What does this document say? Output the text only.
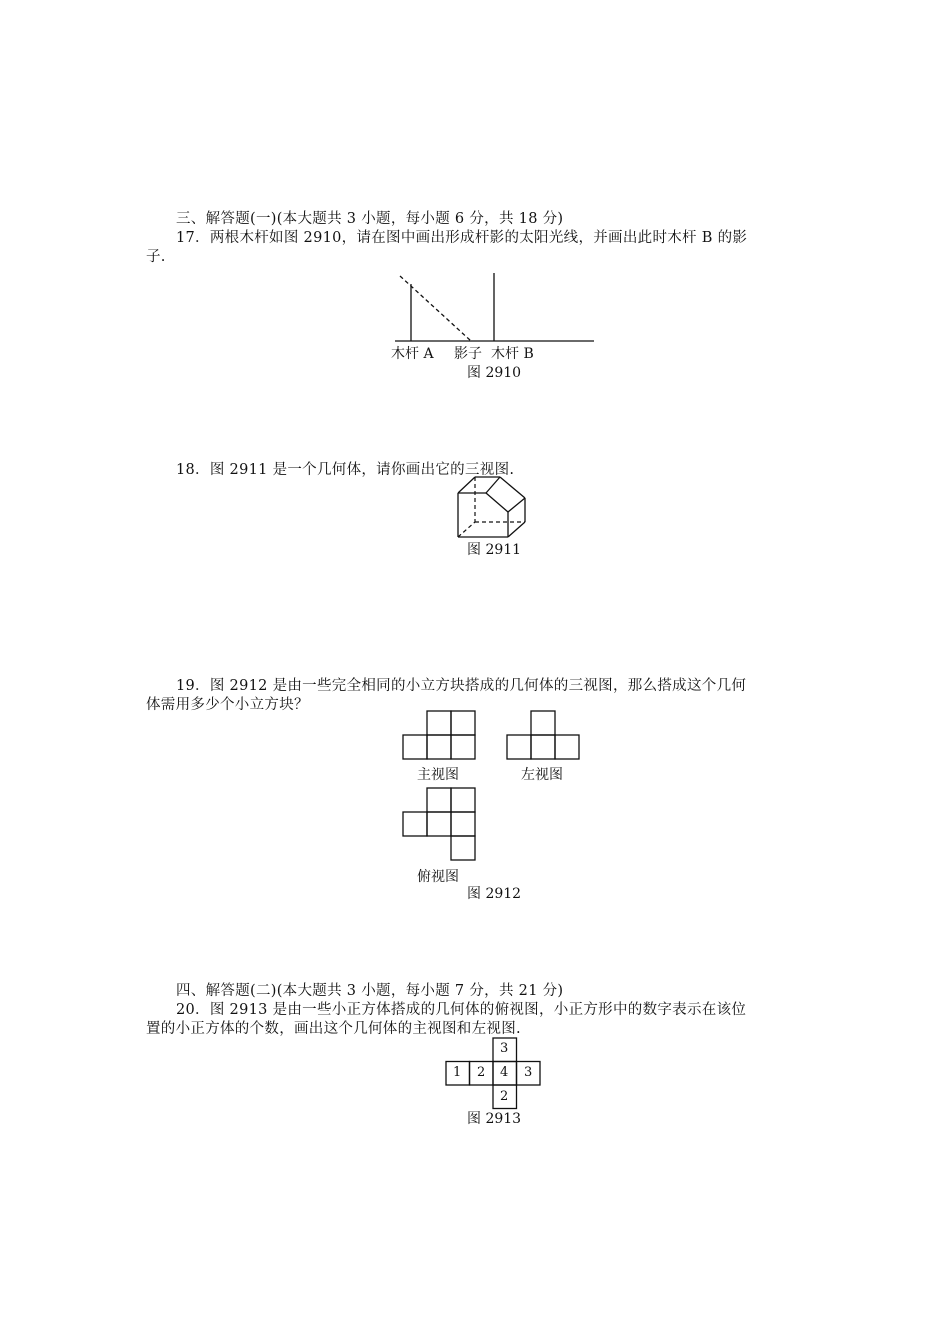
三、解答题(一)(本大题共 3 小题，每小题 6 分，共 18 分)
17．两根木杆如图 2910，请在图中画出形成杆影的太阳光线，并画出此时木杆 B 的影
子.
木杆 A 影子 木杆 B
图 2910
18．图 2911 是一个几何体，请你画出它的三视图.
图 2911
19．图 2912 是由一些完全相同的小立方块搭成的几何体的三视图，那么搭成这个几何
体需用多少个小立方块？
主视图	左视图
俯视图
图 2912
四、解答题(二)(本大题共 3 小题，每小题 7 分，共 21 分)
20．图 2913 是由一些小正方体搭成的几何体的俯视图，小正方形中的数字表示在该位
置的小正方体的个数，画出这个几何体的主视图和左视图.
3
1 2 4 3
2
图 2913
